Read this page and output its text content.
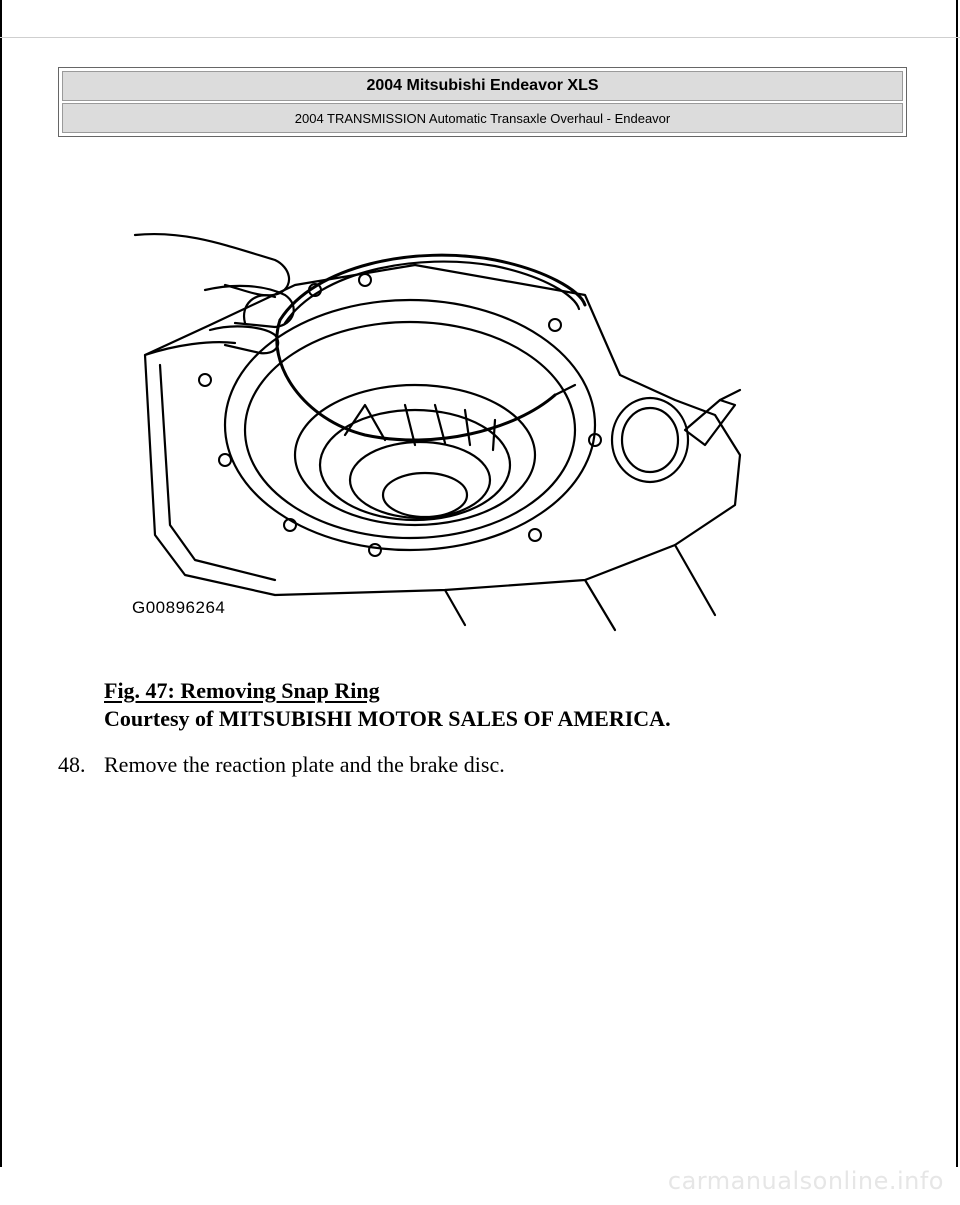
2004 Mitsubishi Endeavor XLS
2004 TRANSMISSION Automatic Transaxle Overhaul - Endeavor
G00896264
Fig. 47: Removing Snap Ring
Courtesy of MITSUBISHI MOTOR SALES OF AMERICA.
48. Remove the reaction plate and the brake disc.
carmanualsonline.info
